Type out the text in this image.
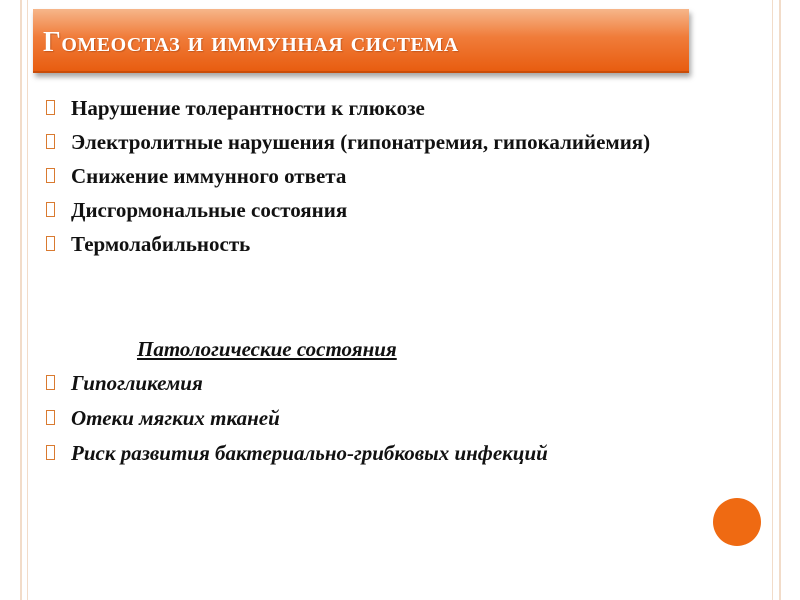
Гомеостаз и иммунная система
Нарушение толерантности к глюкозе
Электролитные нарушения (гипонатремия, гипокалийемия)
Снижение иммунного ответа
Дисгормональные состояния
Термолабильность

Патологические состояния

Гипогликемия
Отеки мягких тканей
Риск развития бактериально-грибковых инфекций
